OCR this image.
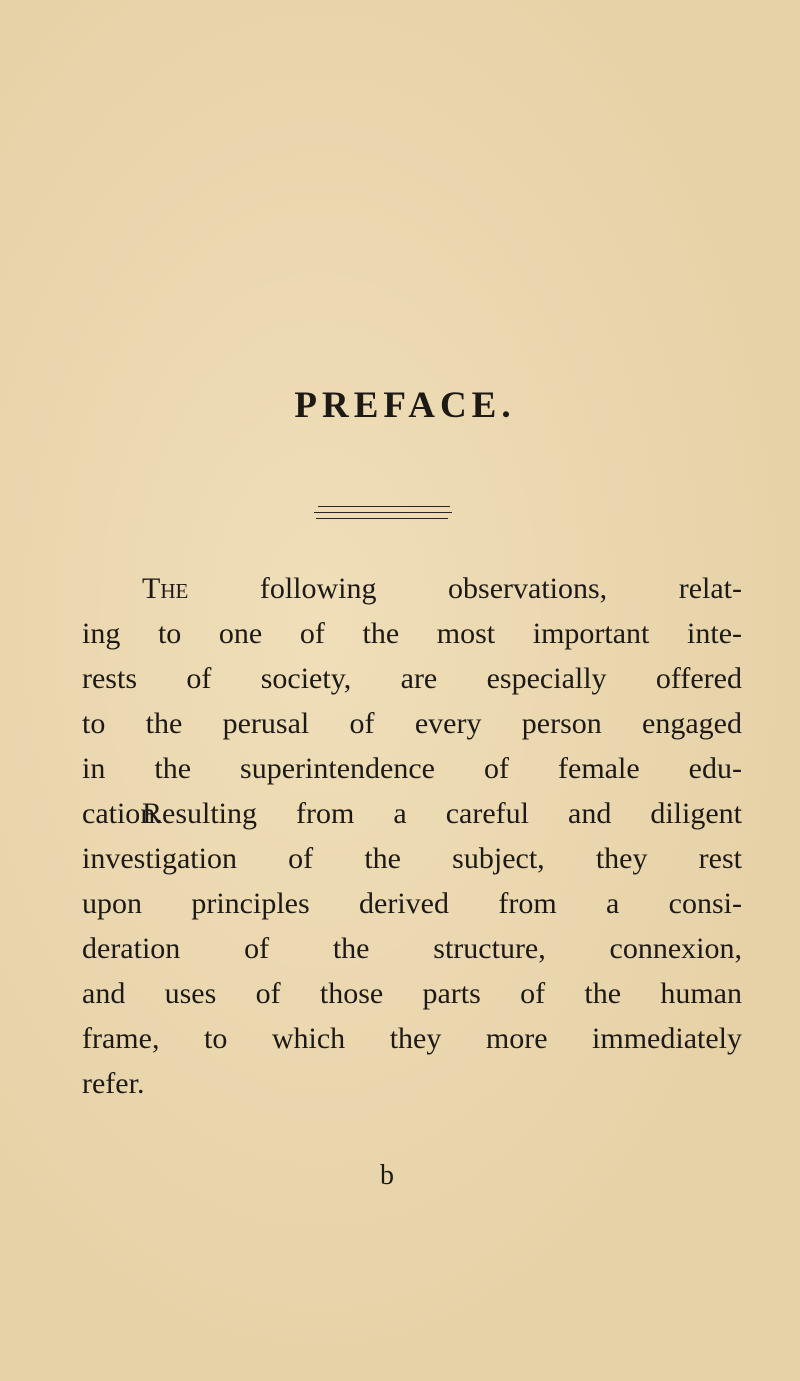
PREFACE.
The following observations, relat-
ing to one of the most important inte-
rests of society, are especially offered
to the perusal of every person engaged
in the superintendence of female edu-
cation.
Resulting from a careful and diligent
investigation of the subject, they rest
upon principles derived from a consi-
deration of the structure, connexion,
and uses of those parts of the human
frame, to which they more immediately
refer.
b
